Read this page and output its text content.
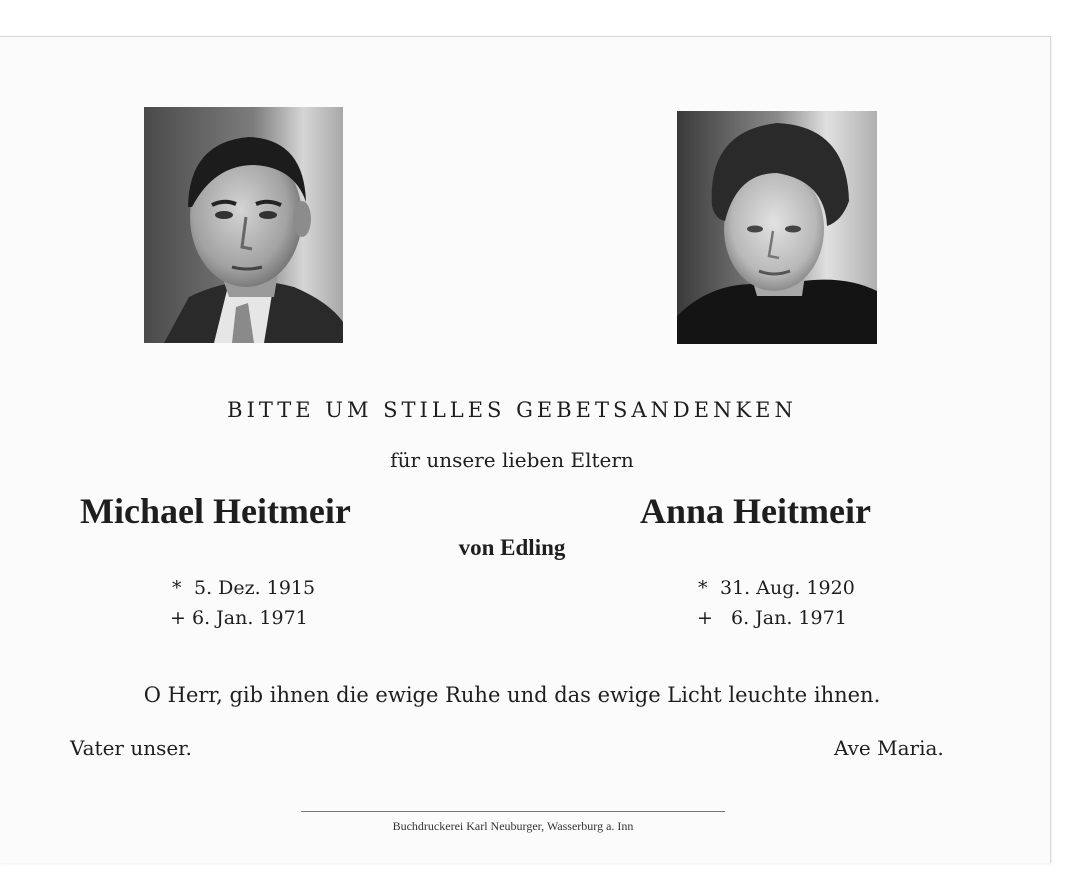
BITTE UM STILLES GEBETSANDENKEN
für unsere lieben Eltern
Michael Heitmeir	Anna Heitmeir
von Edling
* 5. Dez. 1915
+ 6. Jan. 1971
* 31. Aug. 1920
+ 6. Jan. 1971
O Herr, gib ihnen die ewige Ruhe und das ewige Licht leuchte ihnen.
Vater unser.	Ave Maria.
Buchdruckerei Karl Neuburger, Wasserburg a. Inn
